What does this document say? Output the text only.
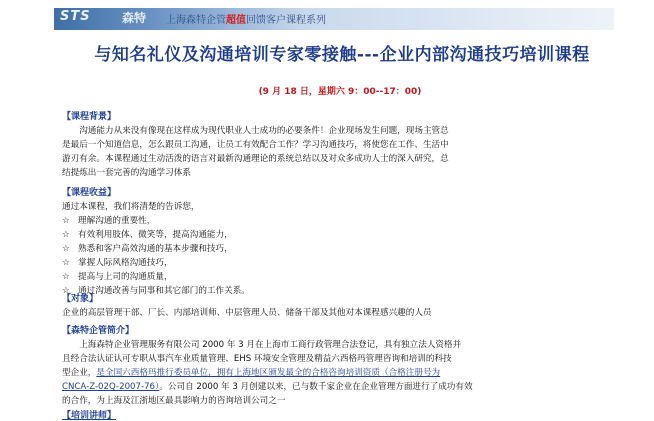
STS	森特 上海森特企管超值回馈客户课程系列
与知名礼仪及沟通培训专家零接触---企业内部沟通技巧培训课程
(9 月 18 日，星期六 9：00--17：00)
【课程背景】
沟通能力从来没有像现在这样成为现代职业人士成功的必要条件！企业现场发生问题，现场主管总
是最后一个知道信息，怎么跟员工沟通，让员工有效配合工作？学习沟通技巧，将使您在工作、生活中
游刃有余。本课程通过生动活泼的语言对最新沟通理论的系统总结以及对众多成功人士的深入研究，总
结提炼出一套完善的沟通学习体系
【课程收益】
通过本课程，我们将清楚的告诉您，
☆ 理解沟通的重要性，
☆ 有效利用肢体、微笑等，提高沟通能力，
☆ 熟悉和客户高效沟通的基本步骤和技巧，
☆ 掌握人际风格沟通技巧，
☆ 提高与上司的沟通质量，
☆ 通过沟通改善与同事和其它部门的工作关系。
【对象】
企业的高层管理干部、厂长、内部培训师、中层管理人员、储备干部及其他对本课程感兴趣的人员
【森特企管简介】
上海森特企业管理服务有限公司 2000 年 3 月在上海市工商行政管理合法登记，具有独立法人资格并
且经合法认证认可专职从事汽车业质量管理、EHS 环境安全管理及精益六西格玛管理咨询和培训的科技
型企业，是全国六西格玛推行委员单位，拥有上海地区颁发最全的合格咨询培训资质（合格注册号为
CNCA-Z-02Q-2007-76）。公司自 2000 年 3 月创建以来，已与数千家企业在企业管理方面进行了成功有效
的合作，为上海及江浙地区最具影响力的咨询培训公司之一
【培训讲师】
